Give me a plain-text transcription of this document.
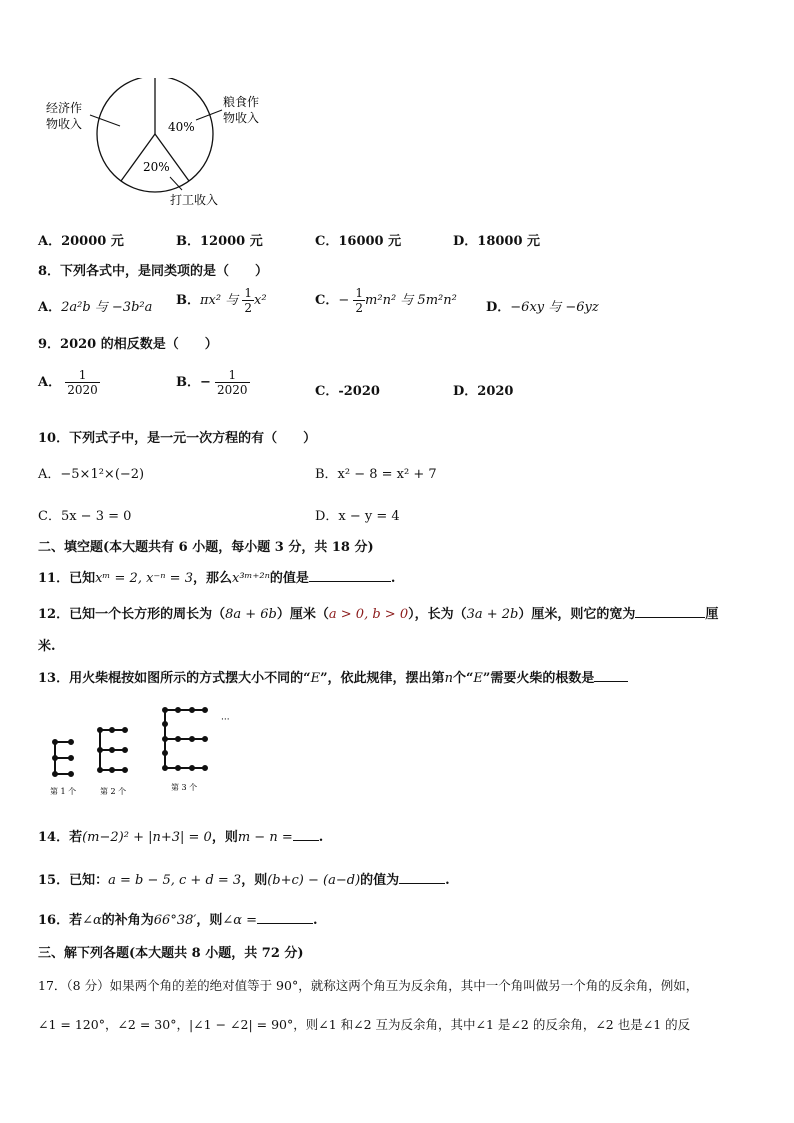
40%
20%
经济作
物收入
粮食作
物收入
打工收入
A．20000 元	B．12000 元	C．16000 元	D．18000 元
8．下列各式中，是同类项的是（　　）
A．2a²b 与 −3b²a B．πx² 与 $\frac{1}{2} x^2$	C．− $\frac{1}{2} m^2n^2$ 与 5m²n² D．−6xy 与 −6yz
9．2020 的相反数是（　　）
A． $\frac{1}{2020}$	B．− $\frac{1}{2020}$	C．-2020	D．2020
10．下列式子中，是一元一次方程的有（　　）
A．−5×1²×(−2)	B．x² − 8 = x² + 7
C．5x − 3 = 0	D．x − y = 4
二、填空题(本大题共有 6 小题，每小题 3 分，共 18 分)
11．已知xᵐ = 2, x⁻ⁿ = 3，那么x³ᵐ⁺²ⁿ的值是	.
12．已知一个长方形的周长为（8a + 6b）厘米（a > 0, b > 0），长为（3a + 2b）厘米，则它的宽为	厘
米.
13．用火柴棍按如图所示的方式摆大小不同的“E”，依此规律，摆出第n个“E”需要火柴的根数是
···
第 1 个	第 2 个	第 3 个
14．若(m−2)² + |n+3| = 0，则m − n = .
15．已知：a = b − 5, c + d = 3，则(b+c) − (a−d)的值为	.
16．若∠α的补角为66°38′，则∠α =	.
三、解下列各题(本大题共 8 小题，共 72 分)
17．（8 分）如果两个角的差的绝对值等于 90°，就称这两个角互为反余角，其中一个角叫做另一个角的反余角，例如，
∠1 = 120°，∠2 = 30°，|∠1 − ∠2| = 90°，则∠1 和∠2 互为反余角，其中∠1 是∠2 的反余角，∠2 也是∠1 的反
